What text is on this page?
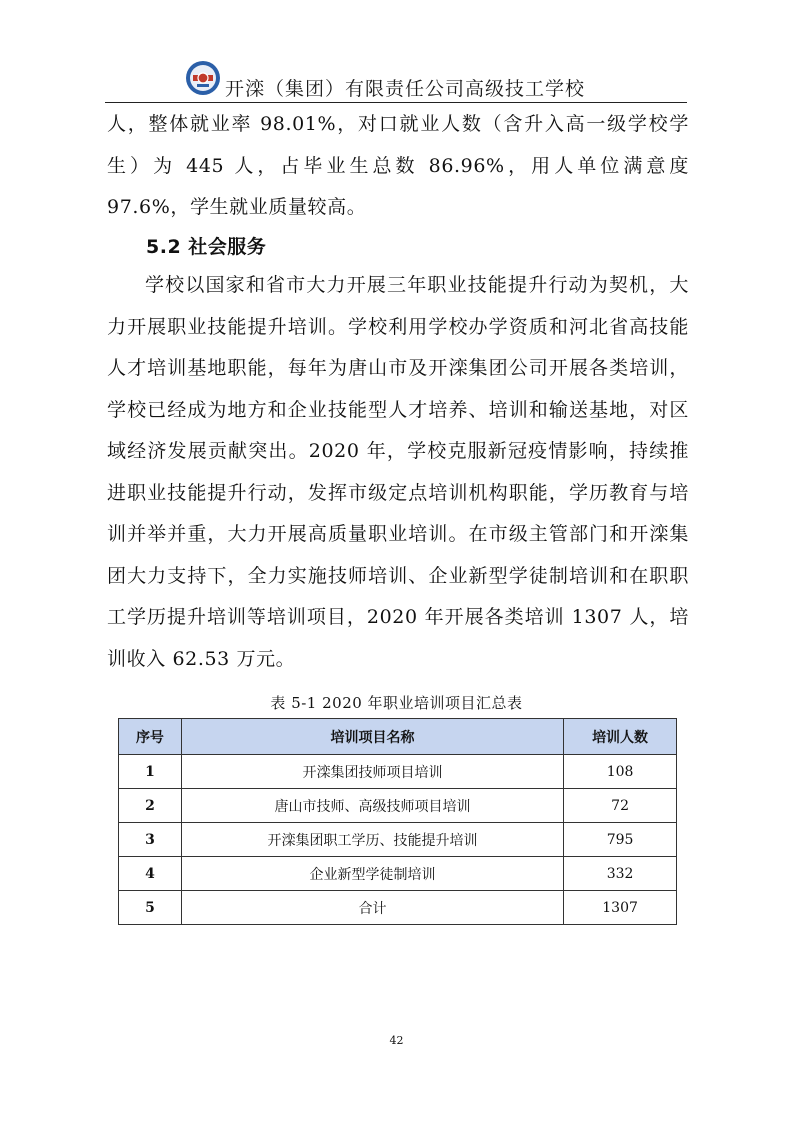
开滦（集团）有限责任公司高级技工学校

人，整体就业率 98.01%，对口就业人数（含升入高一级学校学生）为 445 人，占毕业生总数 86.96%，用人单位满意度 97.6%，学生就业质量较高。

5.2 社会服务

学校以国家和省市大力开展三年职业技能提升行动为契机，大力开展职业技能提升培训。学校利用学校办学资质和河北省高技能人才培训基地职能，每年为唐山市及开滦集团公司开展各类培训，学校已经成为地方和企业技能型人才培养、培训和输送基地，对区域经济发展贡献突出。2020 年，学校克服新冠疫情影响，持续推进职业技能提升行动，发挥市级定点培训机构职能，学历教育与培训并举并重，大力开展高质量职业培训。在市级主管部门和开滦集团大力支持下，全力实施技师培训、企业新型学徒制培训和在职职工学历提升培训等培训项目，2020 年开展各类培训 1307 人，培训收入 62.53 万元。

表 5-1 2020 年职业培训项目汇总表
序号	培训项目名称	培训人数
1	开滦集团技师项目培训	108
2	唐山市技师、高级技师项目培训	72
3	开滦集团职工学历、技能提升培训	795
4	企业新型学徒制培训	332
5	合计	1307
42
